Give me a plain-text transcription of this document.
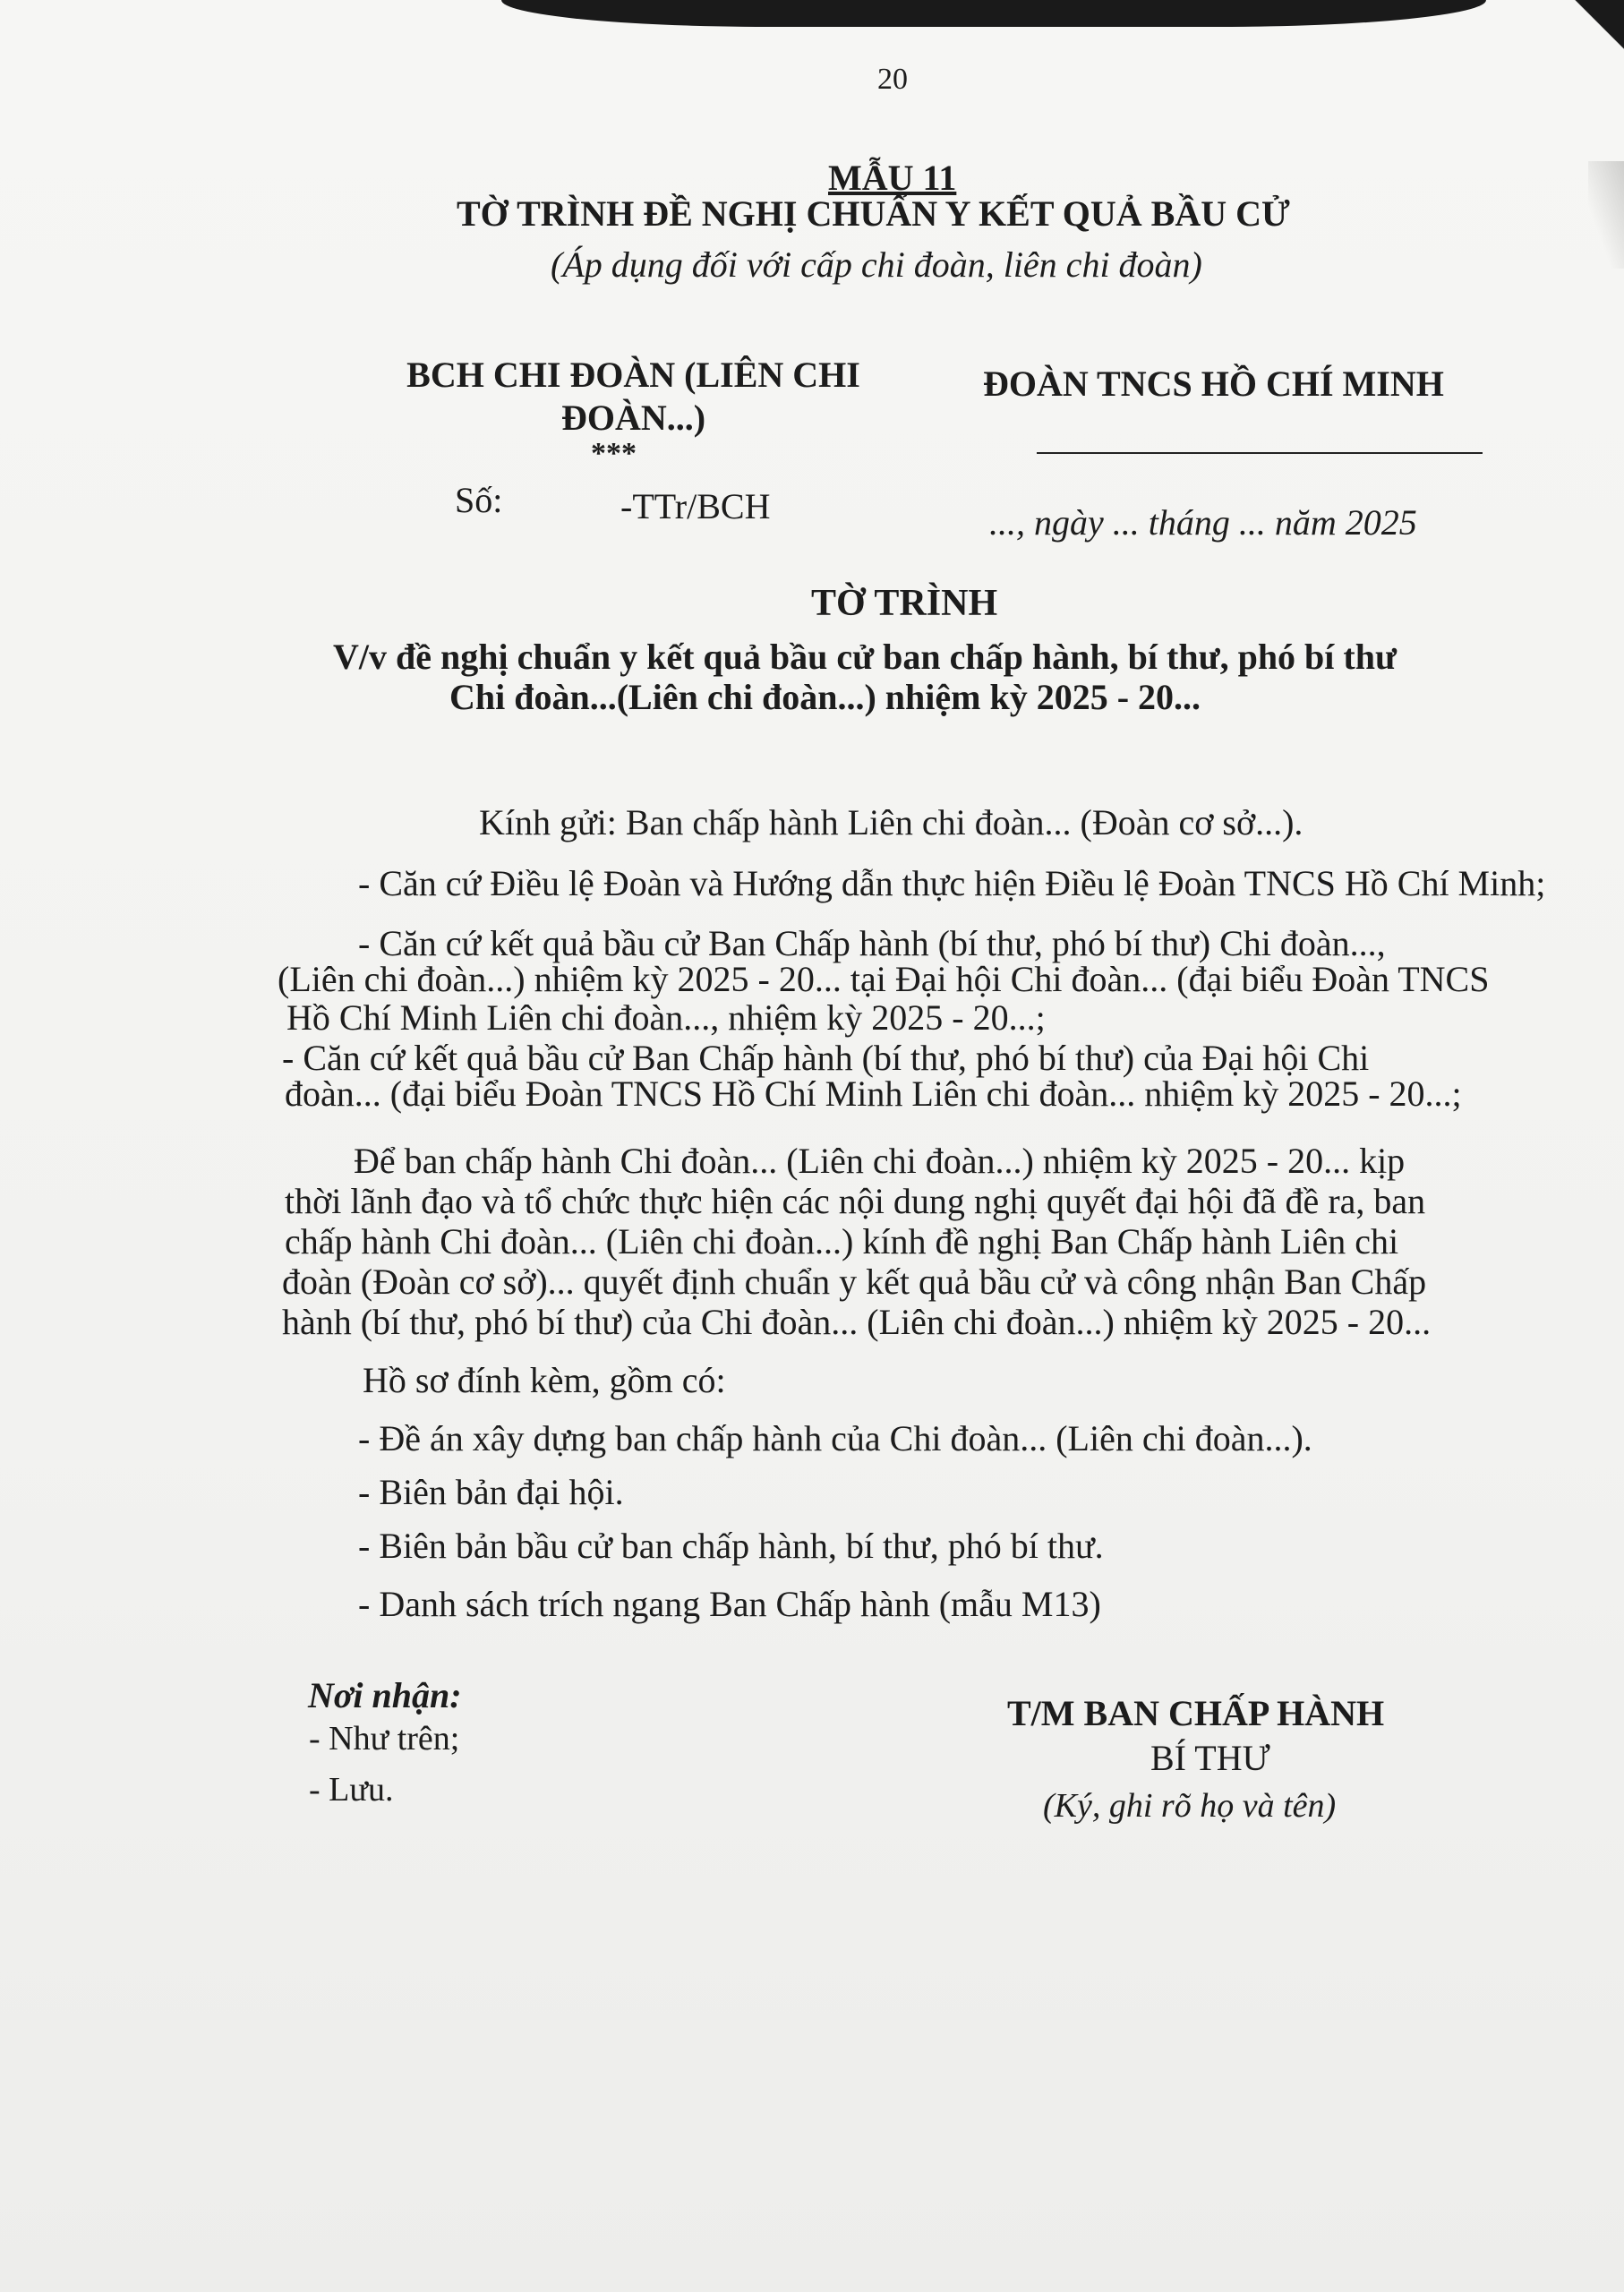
20
MẪU 11
TỜ TRÌNH ĐỀ NGHỊ CHUẨN Y KẾT QUẢ BẦU CỬ
(Áp dụng đối với cấp chi đoàn, liên chi đoàn)
BCH CHI ĐOÀN (LIÊN CHI ĐOÀN...)
***
ĐOÀN TNCS HỒ CHÍ MINH
Số:	-TTr/BCH	..., ngày ... tháng ... năm 2025
TỜ TRÌNH
V/v đề nghị chuẩn y kết quả bầu cử ban chấp hành, bí thư, phó bí thư
Chi đoàn...(Liên chi đoàn...) nhiệm kỳ 2025 - 20...
Kính gửi: Ban chấp hành Liên chi đoàn... (Đoàn cơ sở...).
- Căn cứ Điều lệ Đoàn và Hướng dẫn thực hiện Điều lệ Đoàn TNCS Hồ Chí Minh;
- Căn cứ kết quả bầu cử Ban Chấp hành (bí thư, phó bí thư) Chi đoàn...,
(Liên chi đoàn...) nhiệm kỳ 2025 - 20... tại Đại hội Chi đoàn... (đại biểu Đoàn TNCS
Hồ Chí Minh Liên chi đoàn..., nhiệm kỳ 2025 - 20...;
- Căn cứ kết quả bầu cử Ban Chấp hành (bí thư, phó bí thư) của Đại hội Chi
đoàn... (đại biểu Đoàn TNCS Hồ Chí Minh Liên chi đoàn... nhiệm kỳ 2025 - 20...;
Để ban chấp hành Chi đoàn... (Liên chi đoàn...) nhiệm kỳ 2025 - 20... kịp
thời lãnh đạo và tổ chức thực hiện các nội dung nghị quyết đại hội đã đề ra, ban
chấp hành Chi đoàn... (Liên chi đoàn...) kính đề nghị Ban Chấp hành Liên chi
đoàn (Đoàn cơ sở)... quyết định chuẩn y kết quả bầu cử và công nhận Ban Chấp
hành (bí thư, phó bí thư) của Chi đoàn... (Liên chi đoàn...) nhiệm kỳ 2025 - 20...
Hồ sơ đính kèm, gồm có:
- Đề án xây dựng ban chấp hành của Chi đoàn... (Liên chi đoàn...).
- Biên bản đại hội.
- Biên bản bầu cử ban chấp hành, bí thư, phó bí thư.
- Danh sách trích ngang Ban Chấp hành (mẫu M13)
Nơi nhận:
- Như trên;
- Lưu.
T/M BAN CHẤP HÀNH
BÍ THƯ
(Ký, ghi rõ họ và tên)
